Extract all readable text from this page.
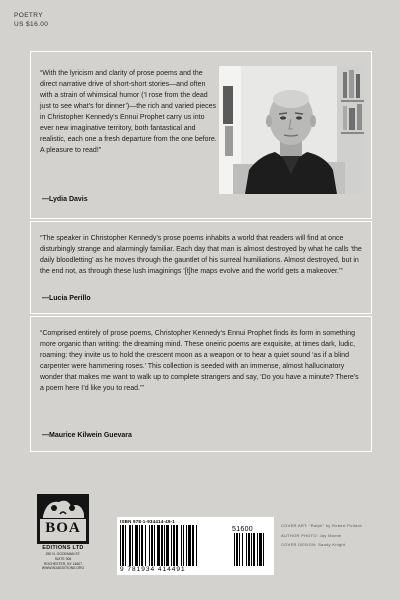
POETRY
US $16.00

“With the lyricism and clarity of prose poems and the direct narrative drive of short-short stories—and often with a strain of whimsical humor (‘I rose from the dead just to see what’s for dinner’)—the rich and varied pieces in Christopher Kennedy’s Ennui Prophet carry us into ever new imaginative territory, both fantastical and realistic, each one a fresh departure from the one before. A pleasure to read!”

—Lydia Davis

“The speaker in Christopher Kennedy’s prose poems inhabits a world that readers will find at once disturbingly strange and alarmingly familiar. Each day that man is almost destroyed by what he calls ‘the daily bloodletting’ as he moves through the gauntlet of his surreal humiliations. Almost destroyed, but in the end not, as through these lush imaginings ‘[t]he maps evolve and the world gets a makeover.’”

—Lucia Perillo

“Comprised entirely of prose poems, Christopher Kennedy’s Ennui Prophet finds its form in something more organic than writing: the dreaming mind. These oneiric poems are exquisite, at times dark, ludic, roaming: they invite us to hold the crescent moon as a weapon or to hear a quiet sound ‘as if a blind carpenter were hammering roses.’ This collection is seeded with an immense, almost hallucinatory wonder that makes me want to walk up to complete strangers and say, ‘Do you have a minute? There’s a poem here I’d like you to read.’”

—Maurice Kilwein Guevara
BOA
EDITIONS LTD
250 N. GOODMAN ST.
SUITE 306
ROCHESTER, NY 14607
WWW.BOAEDITIONS.ORG
ISBN 978-1-934414-49-1
51600
9 781934 414491
COVER ART: “Ralph” by Robert Pollard
AUTHOR PHOTO: Jay Mumm
COVER DESIGN: Sandy Knight
